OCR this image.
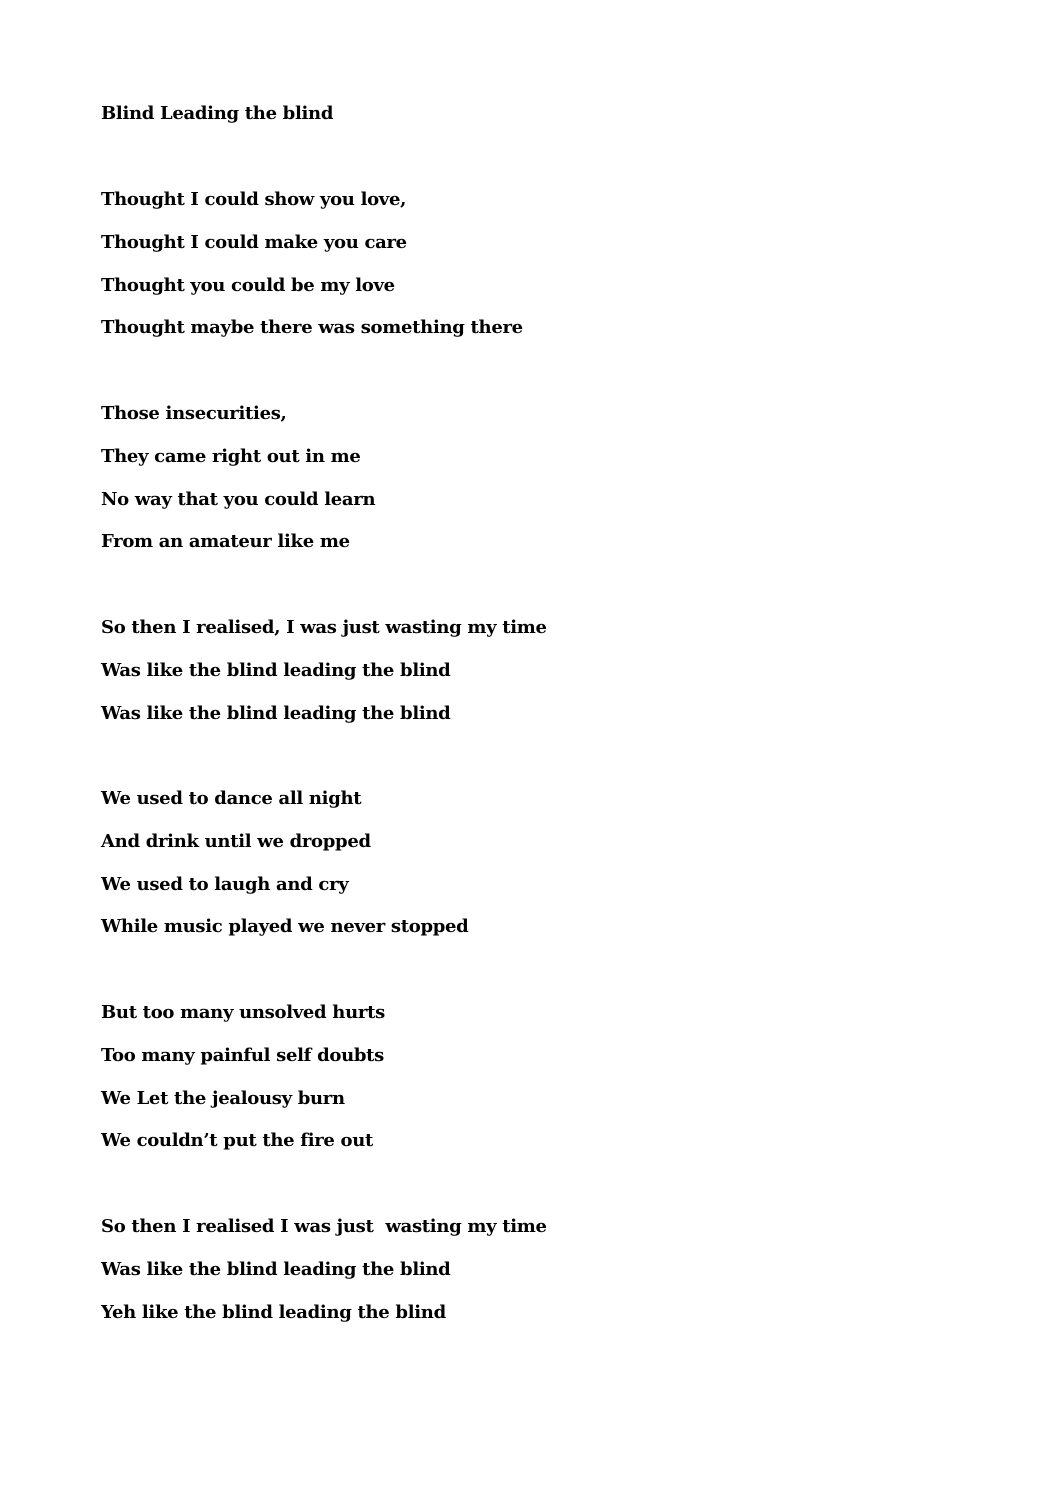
Blind Leading the blind
Thought I could show you love,
Thought I could make you care
Thought you could be my love
Thought maybe there was something there
Those insecurities,
They came right out in me
No way that you could learn
From an amateur like me
So then I realised, I was just wasting my time
Was like the blind leading the blind
Was like the blind leading the blind
We used to dance all night
And drink until we dropped
We used to laugh and cry
While music played we never stopped
But too many unsolved hurts
Too many painful self doubts
We Let the jealousy burn
We couldn’t put the fire out
So then I realised I was just  wasting my time
Was like the blind leading the blind
Yeh like the blind leading the blind
